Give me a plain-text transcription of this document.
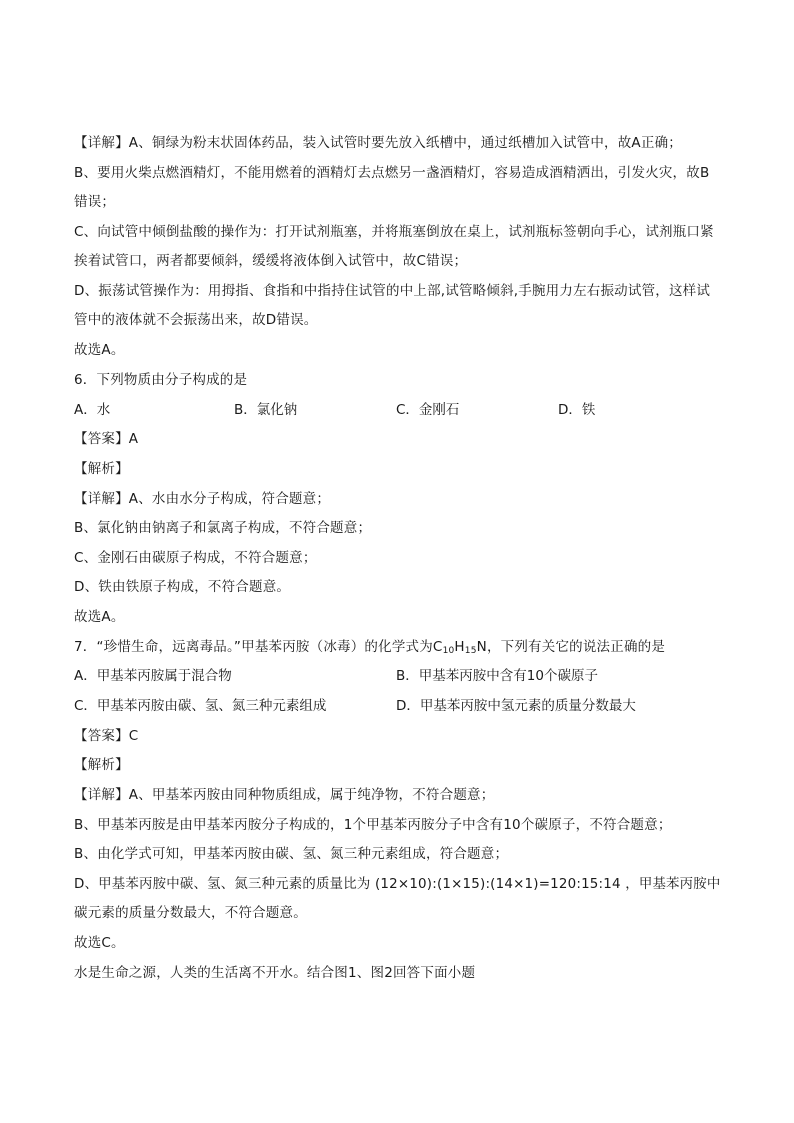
【详解】A、铜绿为粉末状固体药品，装入试管时要先放入纸槽中，通过纸槽加入试管中，故A正确；
B、要用火柴点燃酒精灯，不能用燃着的酒精灯去点燃另一盏酒精灯，容易造成酒精洒出，引发火灾，故B
错误；
C、向试管中倾倒盐酸的操作为：打开试剂瓶塞，并将瓶塞倒放在桌上，试剂瓶标签朝向手心，试剂瓶口紧
挨着试管口，两者都要倾斜，缓缓将液体倒入试管中，故C错误；
D、振荡试管操作为：用拇指、食指和中指持住试管的中上部,试管略倾斜,手腕用力左右振动试管，这样试
管中的液体就不会振荡出来，故D错误。
故选A。
6．下列物质由分子构成的是
A．水	B．氯化钠	C．金刚石	D．铁
【答案】A
【解析】
【详解】A、水由水分子构成，符合题意；
B、氯化钠由钠离子和氯离子构成，不符合题意；
C、金刚石由碳原子构成，不符合题意；
D、铁由铁原子构成，不符合题意。
故选A。
7．“珍惜生命，远离毒品。”甲基苯丙胺（冰毒）的化学式为$C_{10}H_{15}N$，下列有关它的说法正确的是
A．甲基苯丙胺属于混合物	B．甲基苯丙胺中含有10个碳原子
C．甲基苯丙胺由碳、氢、氮三种元素组成	D．甲基苯丙胺中氢元素的质量分数最大
【答案】C
【解析】
【详解】A、甲基苯丙胺由同种物质组成，属于纯净物，不符合题意；
B、甲基苯丙胺是由甲基苯丙胺分子构成的，1个甲基苯丙胺分子中含有10个碳原子，不符合题意；
B、由化学式可知，甲基苯丙胺由碳、氢、氮三种元素组成，符合题意；
D、甲基苯丙胺中碳、氢、氮三种元素的质量比为 (12×10):(1×15):(14×1)=120:15:14 ，甲基苯丙胺中
碳元素的质量分数最大，不符合题意。
故选C。
水是生命之源，人类的生活离不开水。结合图1、图2回答下面小题
